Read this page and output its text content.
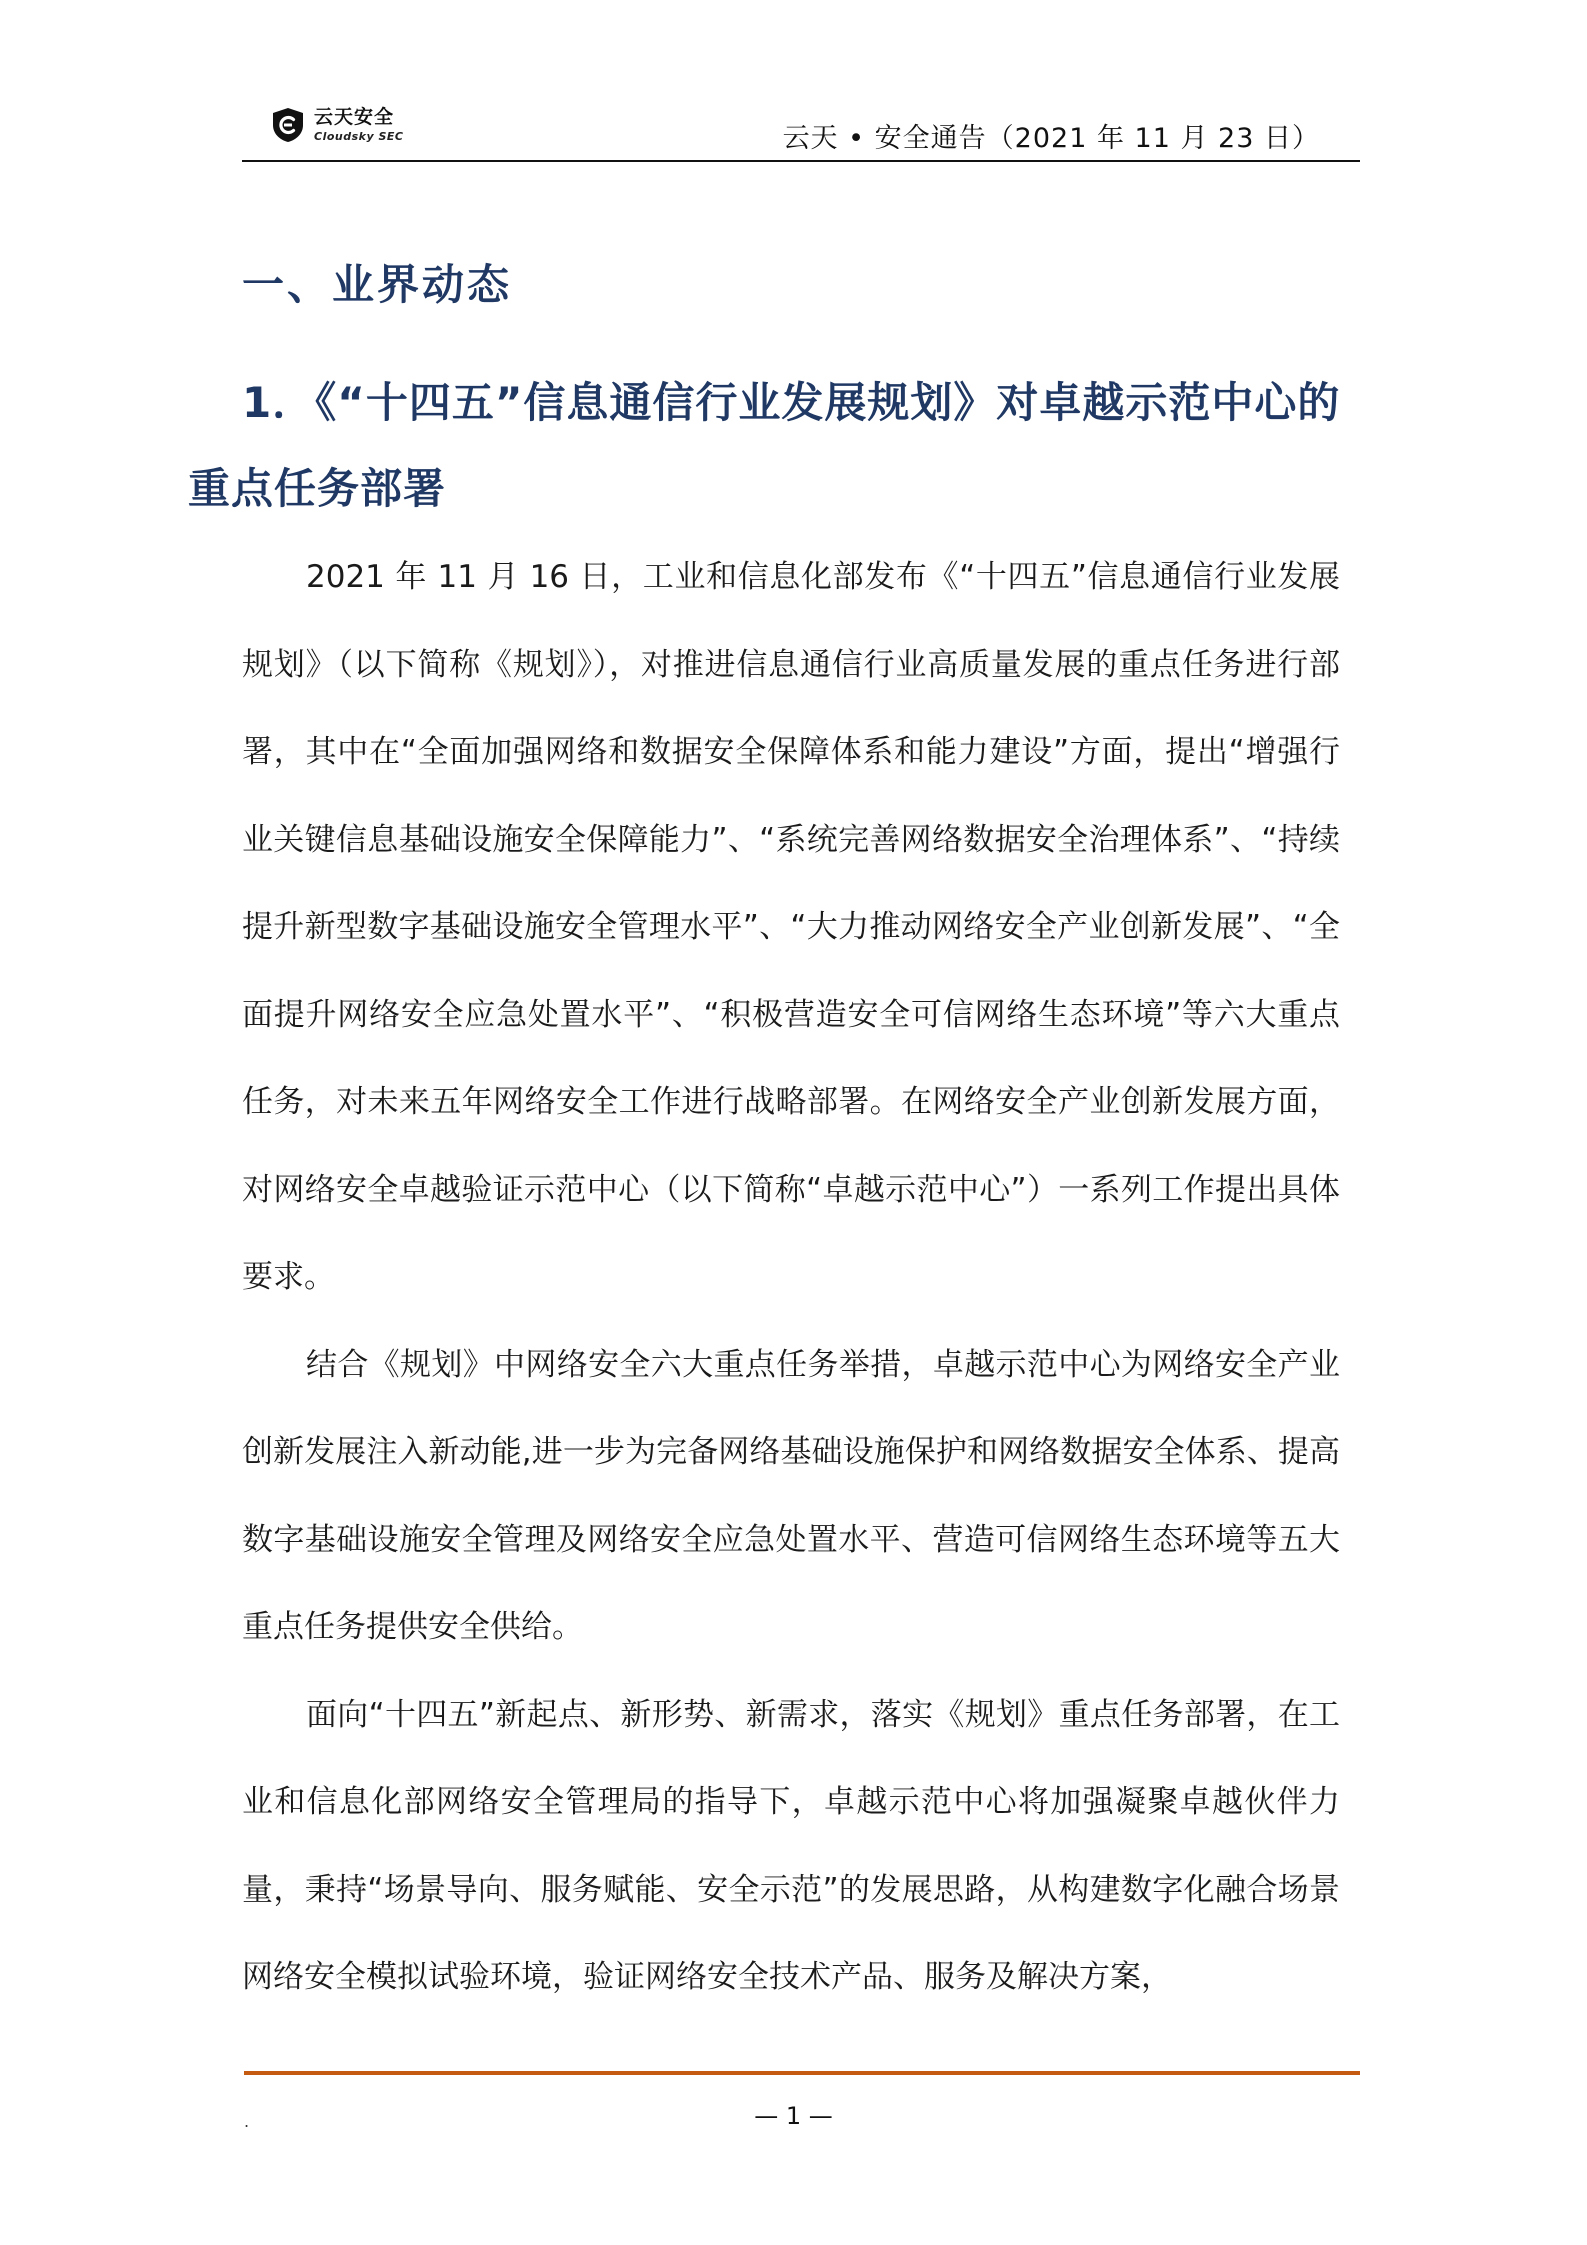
云天安全
Cloudsky SEC	云天 • 安全通告（2021 年 11 月 23 日）
一、业界动态
1．《“十四五”信息通信行业发展规划》对卓越示范中心的重点任务部署

2021 年 11 月 16 日，工业和信息化部发布《“十四五”信息通信行业发展规划》（以下简称《规划》），对推进信息通信行业高质量发展的重点任务进行部署，其中在“全面加强网络和数据安全保障体系和能力建设”方面，提出“增强行业关键信息基础设施安全保障能力”、“系统完善网络数据安全治理体系”、“持续提升新型数字基础设施安全管理水平”、“大力推动网络安全产业创新发展”、“全面提升网络安全应急处置水平”、“积极营造安全可信网络生态环境”等六大重点任务，对未来五年网络安全工作进行战略部署。在网络安全产业创新发展方面，对网络安全卓越验证示范中心（以下简称“卓越示范中心”）一系列工作提出具体要求。

结合《规划》中网络安全六大重点任务举措，卓越示范中心为网络安全产业创新发展注入新动能,进一步为完备网络基础设施保护和网络数据安全体系、提高数字基础设施安全管理及网络安全应急处置水平、营造可信网络生态环境等五大重点任务提供安全供给。

面向“十四五”新起点、新形势、新需求，落实《规划》重点任务部署，在工业和信息化部网络安全管理局的指导下，卓越示范中心将加强凝聚卓越伙伴力量，秉持“场景导向、服务赋能、安全示范”的发展思路，从构建数字化融合场景网络安全模拟试验环境，验证网络安全技术产品、服务及解决方案，

.	— 1 —
